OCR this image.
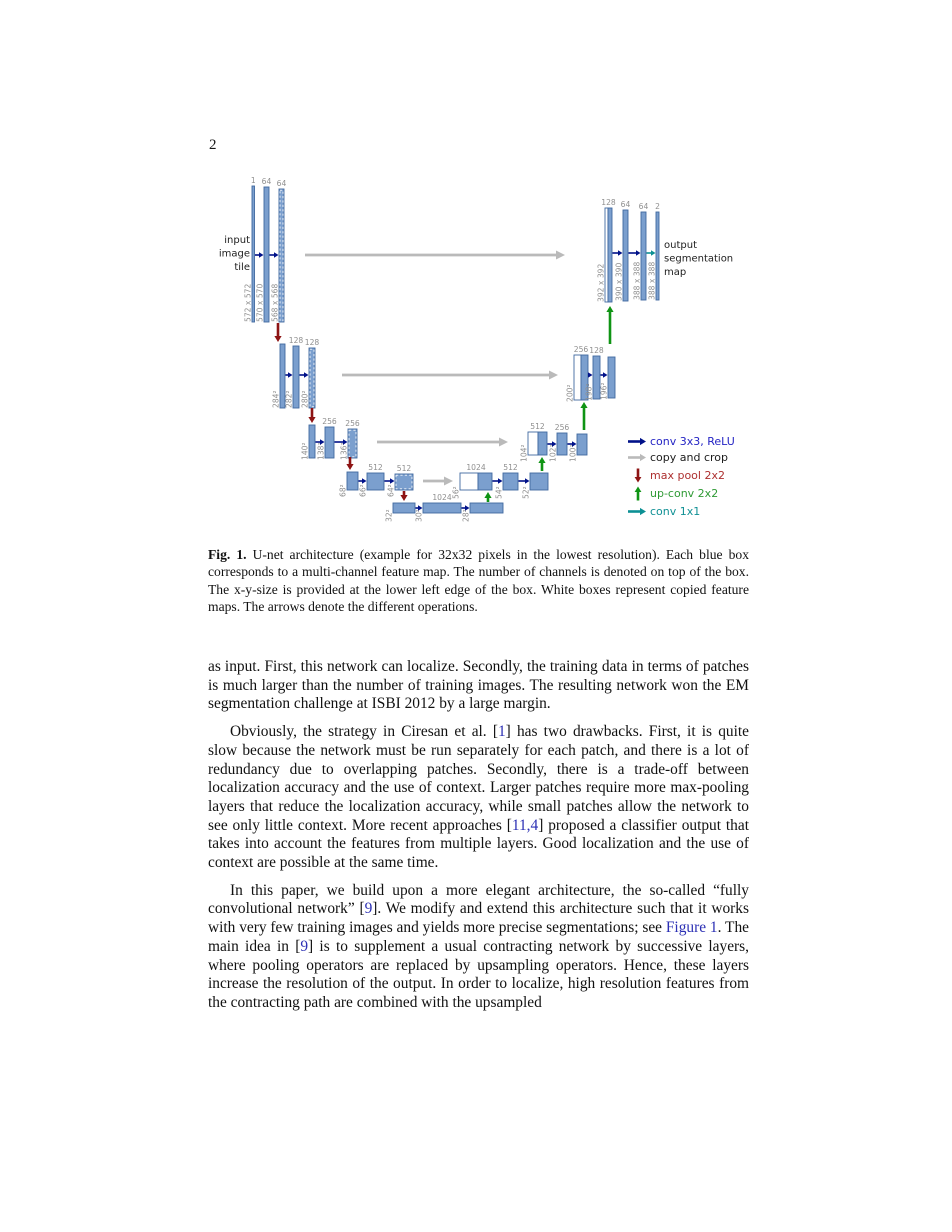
2
1
572 x 572
64
570 x 570
64
568 x 568
284²
128
282²
128
280²
140²
256
138²
256
136²
68²
512
66²
512
64²
32²
1024
30²	28²
1024
56²
512
54² 52²
512
104²
256
102² 100²
256
200²
128
198² 196²
128
392 x 392
64
390 x 390
64
388 x 388
2
388 x 388
input
image
tile
output
segmentation
map
conv 3x3, ReLU
copy and crop
max pool 2x2
up-conv 2x2
conv 1x1
Fig. 1. U-net architecture (example for 32x32 pixels in the lowest resolution). Each blue box corresponds to a multi-channel feature map. The number of channels is denoted on top of the box. The x-y-size is provided at the lower left edge of the box. White boxes represent copied feature maps. The arrows denote the different operations.

as input. First, this network can localize. Secondly, the training data in terms of patches is much larger than the number of training images. The resulting network won the EM segmentation challenge at ISBI 2012 by a large margin.

Obviously, the strategy in Ciresan et al. [1] has two drawbacks. First, it is quite slow because the network must be run separately for each patch, and there is a lot of redundancy due to overlapping patches. Secondly, there is a trade-off between localization accuracy and the use of context. Larger patches require more max-pooling layers that reduce the localization accuracy, while small patches allow the network to see only little context. More recent approaches [11,4] proposed a classifier output that takes into account the features from multiple layers. Good localization and the use of context are possible at the same time.

In this paper, we build upon a more elegant architecture, the so-called “fully convolutional network” [9]. We modify and extend this architecture such that it works with very few training images and yields more precise segmentations; see Figure 1. The main idea in [9] is to supplement a usual contracting network by successive layers, where pooling operators are replaced by upsampling operators. Hence, these layers increase the resolution of the output. In order to localize, high resolution features from the contracting path are combined with the upsampled
